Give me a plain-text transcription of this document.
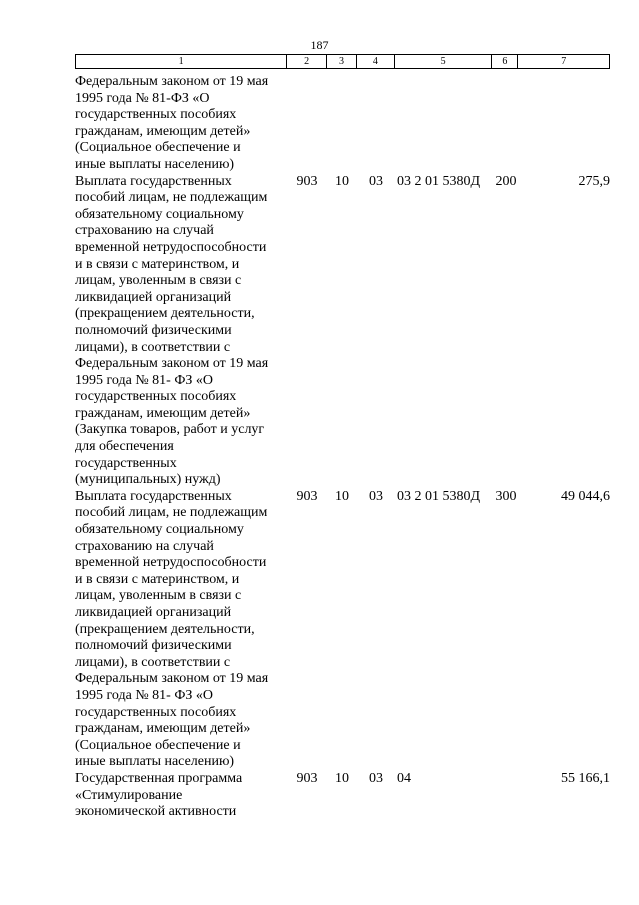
187
1	2	3	4	5	6	7
Федеральным законом от 19 мая
1995 года № 81-ФЗ «О
государственных пособиях
гражданам, имеющим детей»
(Социальное обеспечение и
иные выплаты населению)
Выплата государственных	903	10	03	03 2 01 5380Д	200	275,9
пособий лицам, не подлежащим
обязательному социальному
страхованию на случай
временной нетрудоспособности
и в связи с материнством, и
лицам, уволенным в связи с
ликвидацией организаций
(прекращением деятельности,
полномочий физическими
лицами), в соответствии с
Федеральным законом от 19 мая
1995 года № 81- ФЗ «О
государственных пособиях
гражданам, имеющим детей»
(Закупка товаров, работ и услуг
для обеспечения
государственных
(муниципальных) нужд)
Выплата государственных	903	10	03	03 2 01 5380Д	300	49 044,6
пособий лицам, не подлежащим
обязательному социальному
страхованию на случай
временной нетрудоспособности
и в связи с материнством, и
лицам, уволенным в связи с
ликвидацией организаций
(прекращением деятельности,
полномочий физическими
лицами), в соответствии с
Федеральным законом от 19 мая
1995 года № 81- ФЗ «О
государственных пособиях
гражданам, имеющим детей»
(Социальное обеспечение и
иные выплаты населению)
Государственная программа	903	10	03	04	55 166,1
«Стимулирование
экономической активности
